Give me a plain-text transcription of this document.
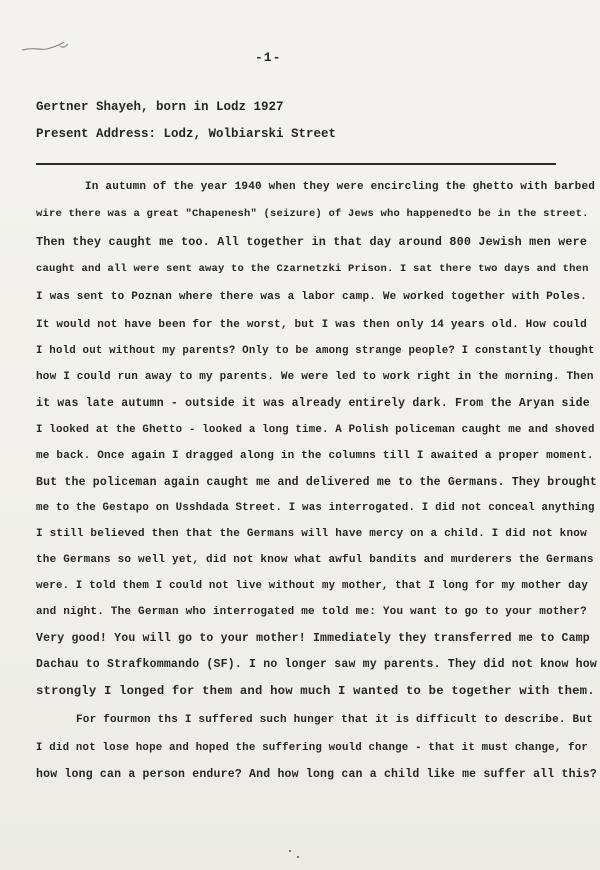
-1-
Gertner Shayeh, born in Lodz 1927
Present Address: Lodz, Wolbiarski Street
In autumn of the year 1940 when they were encircling the ghetto with barbed
wire there was a great "Chapenesh" (seizure) of Jews who happenedto be in the street.
Then they caught me too. All together in that day around 800 Jewish men were
caught and all were sent away to the Czarnetzki Prison. I sat there two days and then
I was sent to Poznan where there was a labor camp. We worked together with Poles.
It would not have been for the worst, but I was then only 14 years old. How could
I hold out without my parents? Only to be among strange people? I constantly thought
how I could run away to my parents. We were led to work right in the morning. Then
it was late autumn - outside it was already entirely dark. From the Aryan side
I looked at the Ghetto - looked a long time. A Polish policeman caught me and shoved
me back. Once again I dragged along in the columns till I awaited a proper moment.
But the policeman again caught me and delivered me to the Germans. They brought
me to the Gestapo on Usshdada Street. I was interrogated. I did not conceal anything
I still believed then that the Germans will have mercy on a child. I did not know
the Germans so well yet, did not know what awful bandits and murderers the Germans
were. I told them I could not live without my mother, that I long for my mother day
and night. The German who interrogated me told me: You want to go to your mother?
Very good! You will go to your mother! Immediately they transferred me to Camp
Dachau to Strafkommando (SF). I no longer saw my parents. They did not know how
strongly I longed for them and how much I wanted to be together with them.
For fourmon ths I suffered such hunger that it is difficult to describe. But
I did not lose hope and hoped the suffering would change - that it must change, for
how long can a person endure? And how long can a child like me suffer all this?
